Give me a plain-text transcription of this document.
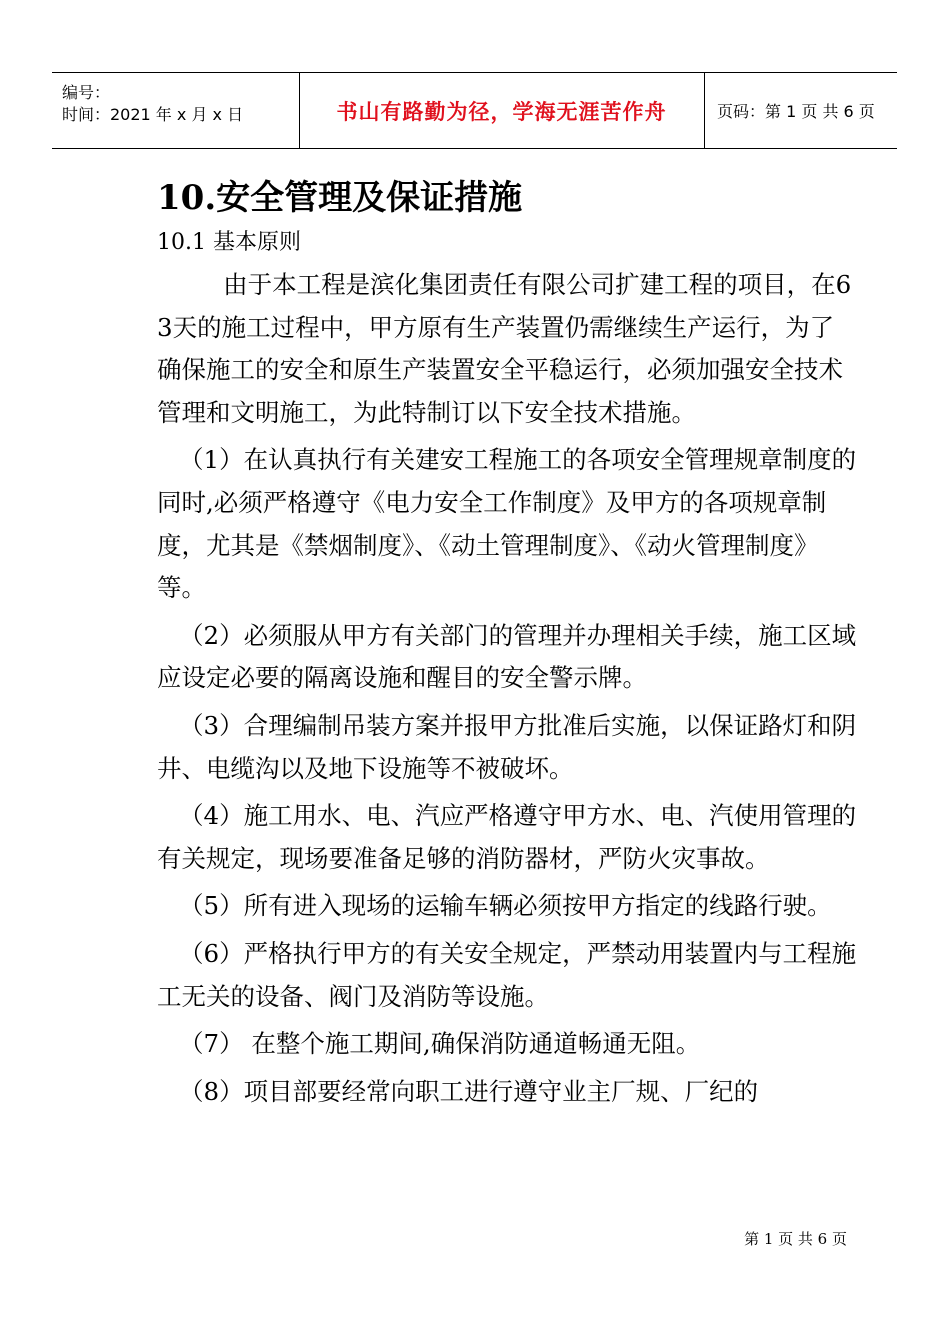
编号：
时间：2021 年 x 月 x 日	书山有路勤为径，学海无涯苦作舟	页码：第 1 页 共 6 页
10.安全管理及保证措施
10.1 基本原则
由于本工程是滨化集团责任有限公司扩建工程的项目，在63天的施工过程中，甲方原有生产装置仍需继续生产运行，为了确保施工的安全和原生产装置安全平稳运行，必须加强安全技术管理和文明施工，为此特制订以下安全技术措施。
（1）在认真执行有关建安工程施工的各项安全管理规章制度的同时,必须严格遵守《电力安全工作制度》及甲方的各项规章制度，尤其是《禁烟制度》、《动土管理制度》、《动火管理制度》等。
（2）必须服从甲方有关部门的管理并办理相关手续，施工区域应设定必要的隔离设施和醒目的安全警示牌。
（3）合理编制吊装方案并报甲方批准后实施，以保证路灯和阴井、电缆沟以及地下设施等不被破坏。
（4）施工用水、电、汽应严格遵守甲方水、电、汽使用管理的有关规定，现场要准备足够的消防器材，严防火灾事故。
（5）所有进入现场的运输车辆必须按甲方指定的线路行驶。
（6）严格执行甲方的有关安全规定，严禁动用装置内与工程施工无关的设备、阀门及消防等设施。
（7） 在整个施工期间,确保消防通道畅通无阻。
（8）项目部要经常向职工进行遵守业主厂规、厂纪的
第 1 页 共 6 页
